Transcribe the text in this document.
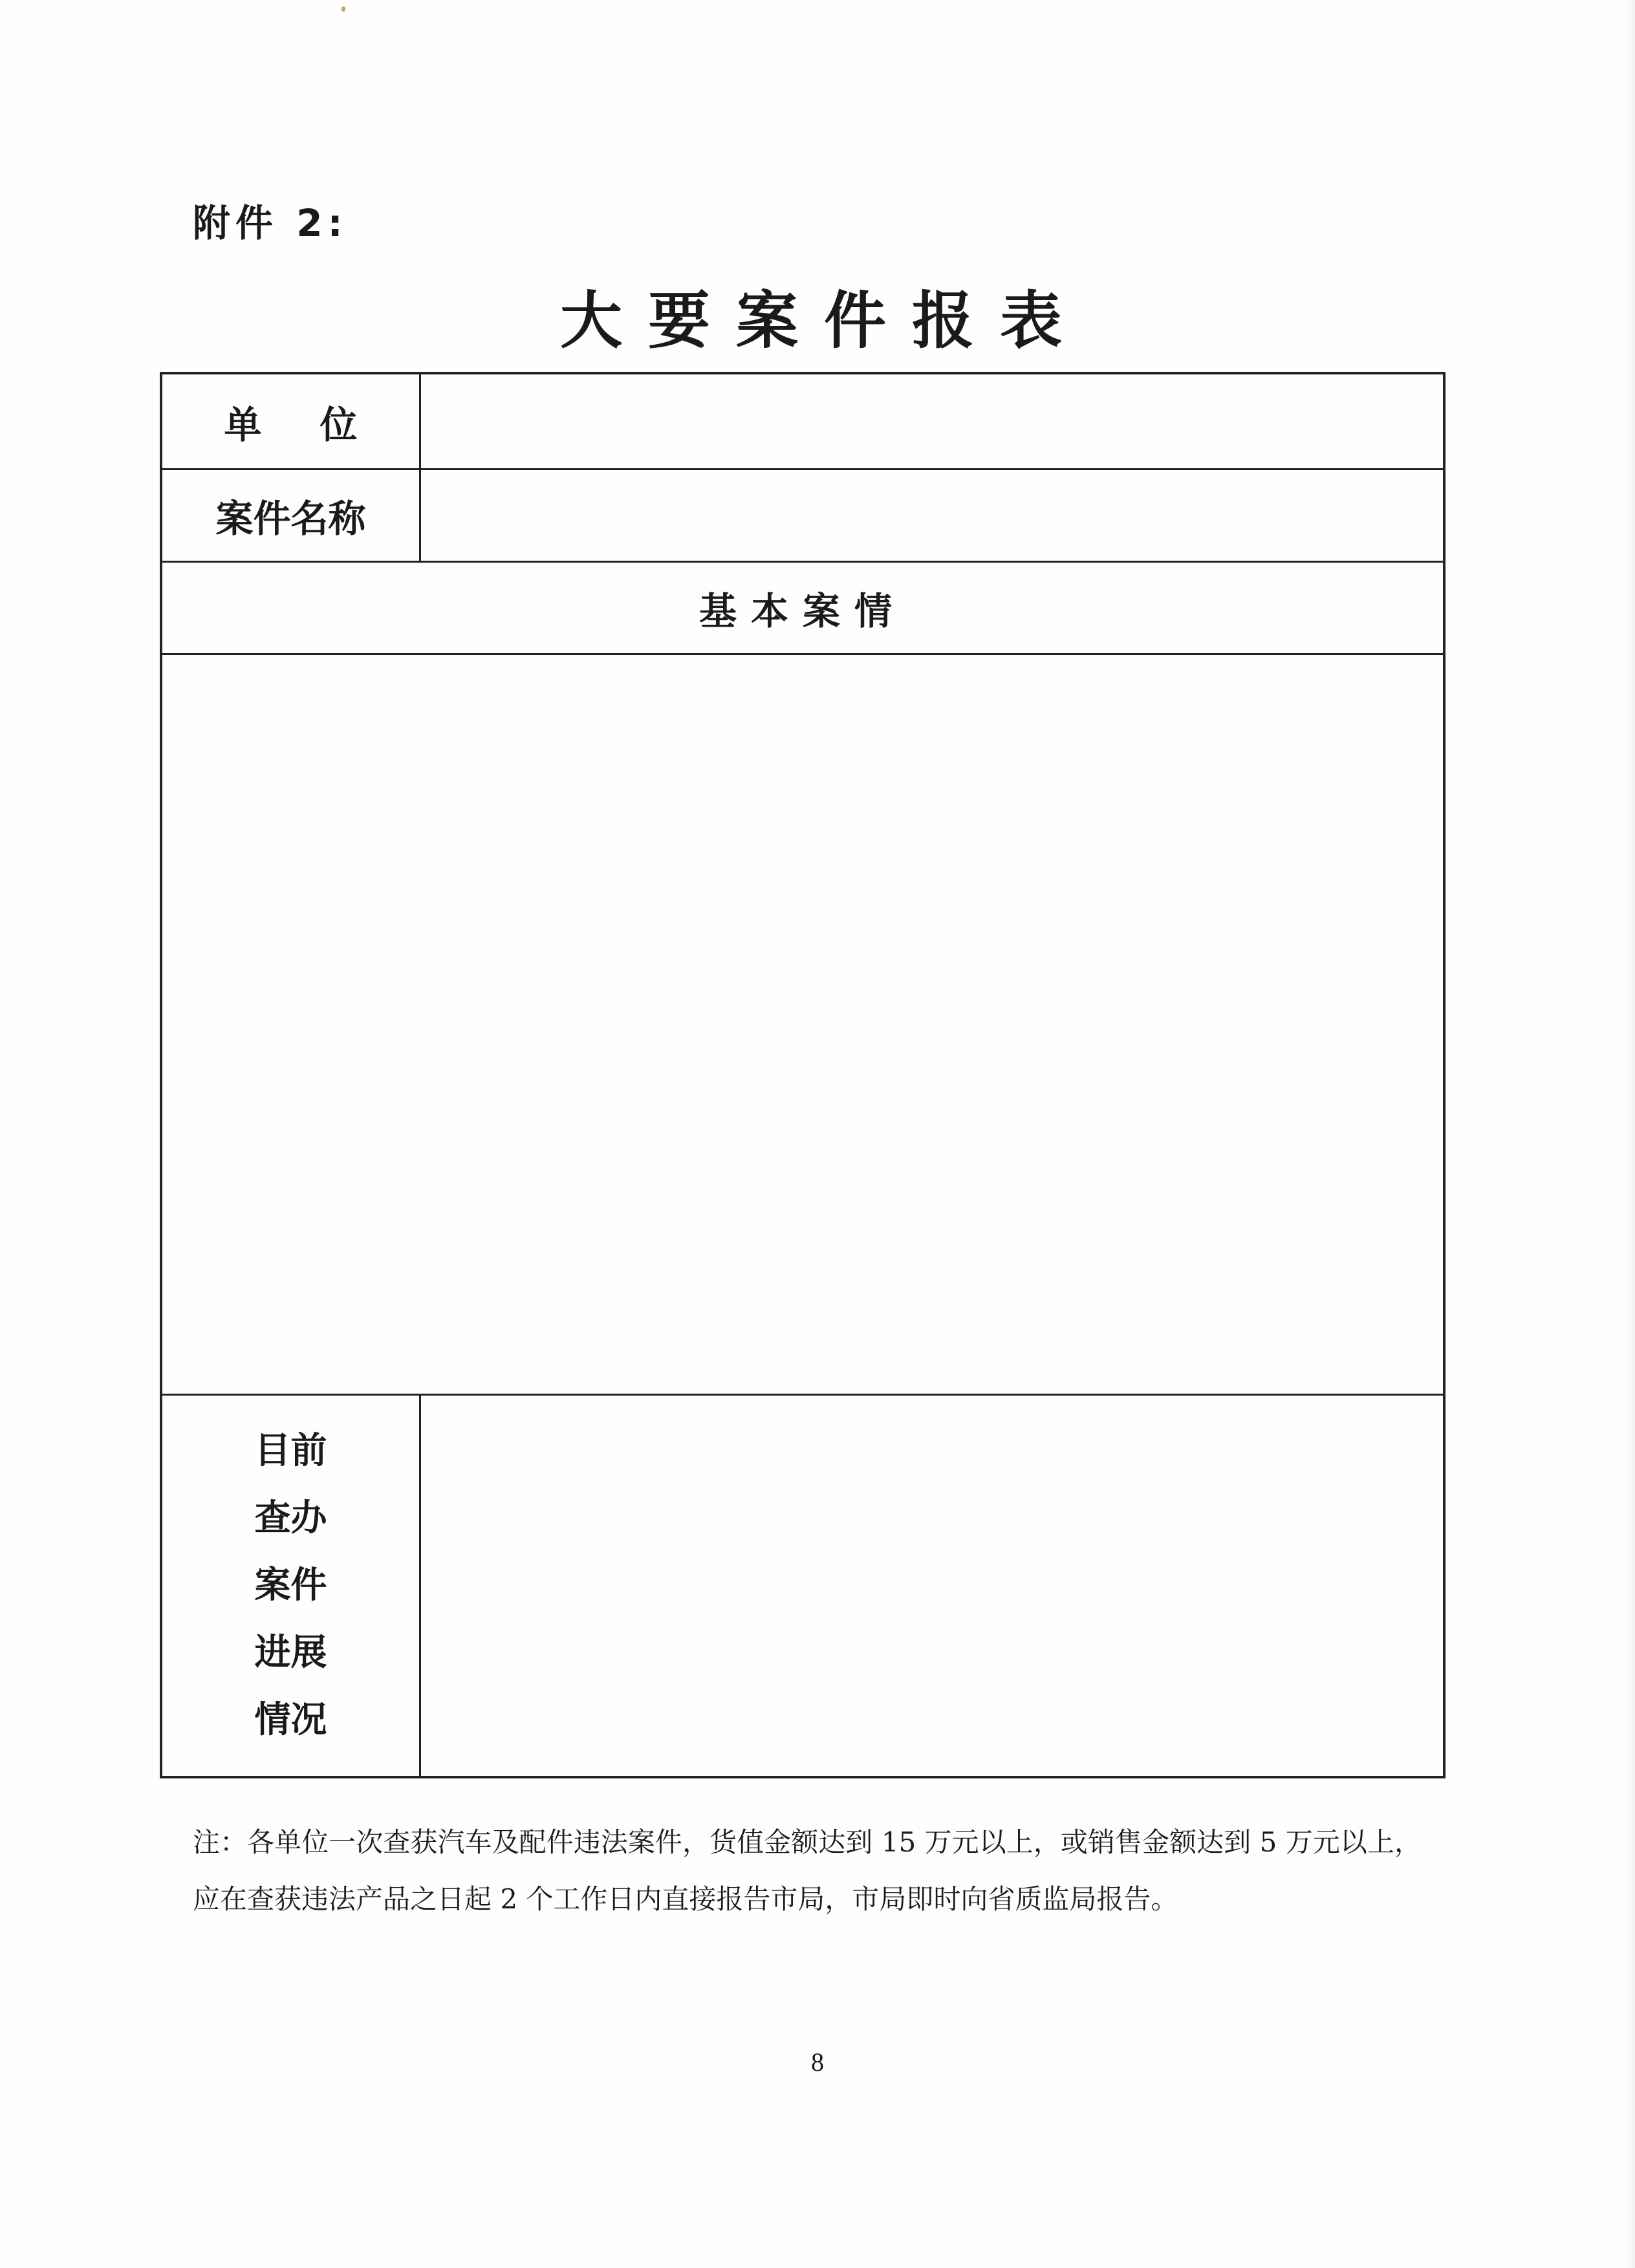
附件 2:
大要案件报表
单位
案件名称
基本案情
目前
查办
案件
进展
情况
注：各单位一次查获汽车及配件违法案件，货值金额达到 15 万元以上，或销售金额达到 5 万元以上，应在查获违法产品之日起 2 个工作日内直接报告市局，市局即时向省质监局报告。
8
